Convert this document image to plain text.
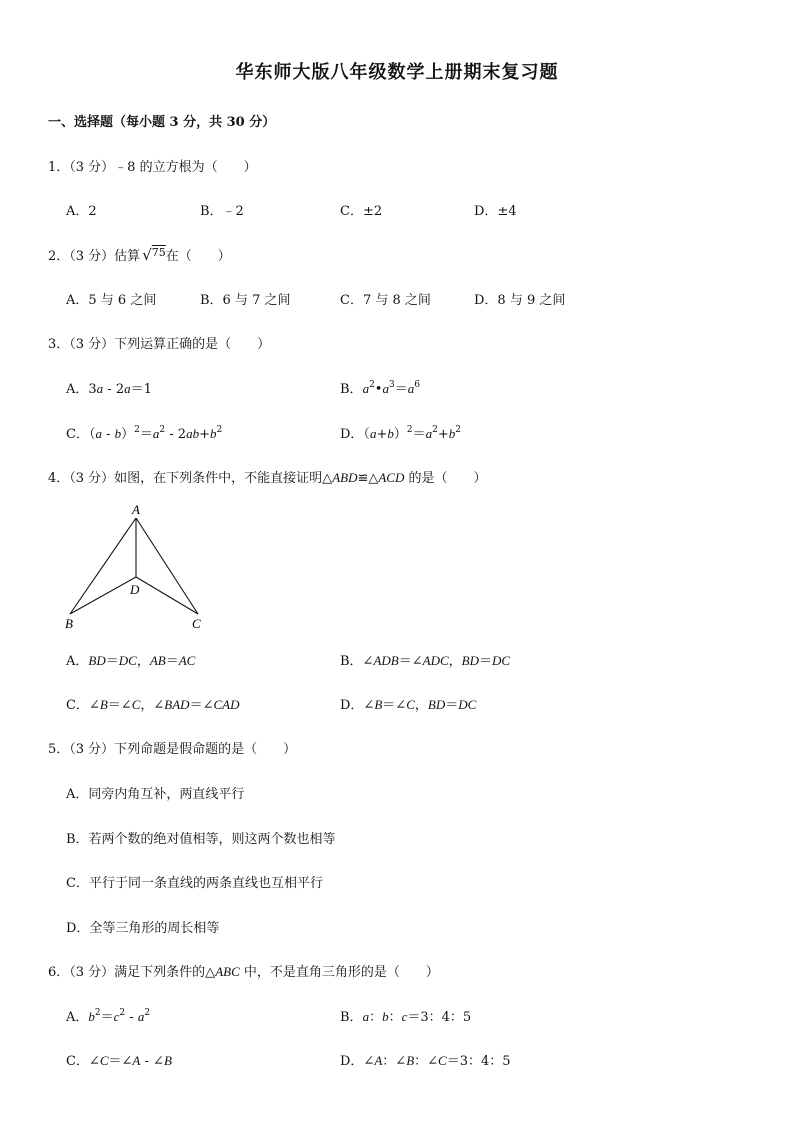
华东师大版八年级数学上册期末复习题
一、选择题（每小题 3 分，共 30 分）
1．（3 分）﹣8 的立方根为（　　）
A．2	B．﹣2	C．±2	D．±4
2．（3 分）估算 √$^{75}$在（　　）
A．5 与 6 之间	B．6 与 7 之间	C．7 与 8 之间	D．8 与 9 之间
3．（3 分）下列运算正确的是（　　）
A．3a - 2a＝1	B．$a^2•a^3=a^6$
C．$(a - b)^2=a^2 - 2ab+b^2$	D．$(a+b)^2=a^2+b^2$
4．（3 分）如图，在下列条件中，不能直接证明△ABD≌△ACD 的是（　　）
A
D
B	C
A．BD＝DC，AB＝AC	B．∠ADB＝∠ADC，BD＝DC
C．∠B＝∠C，∠BAD＝∠CAD	D．∠B＝∠C，BD＝DC
5．（3 分）下列命题是假命题的是（　　）
A．同旁内角互补，两直线平行
B．若两个数的绝对值相等，则这两个数也相等
C．平行于同一条直线的两条直线也互相平行
D．全等三角形的周长相等
6．（3 分）满足下列条件的△ABC 中，不是直角三角形的是（　　）
A．$b^2=c^2 - a^2$	B．a：b：c＝3：4：5
C．∠C＝∠A - ∠B	D．∠A：∠B：∠C＝3：4：5
